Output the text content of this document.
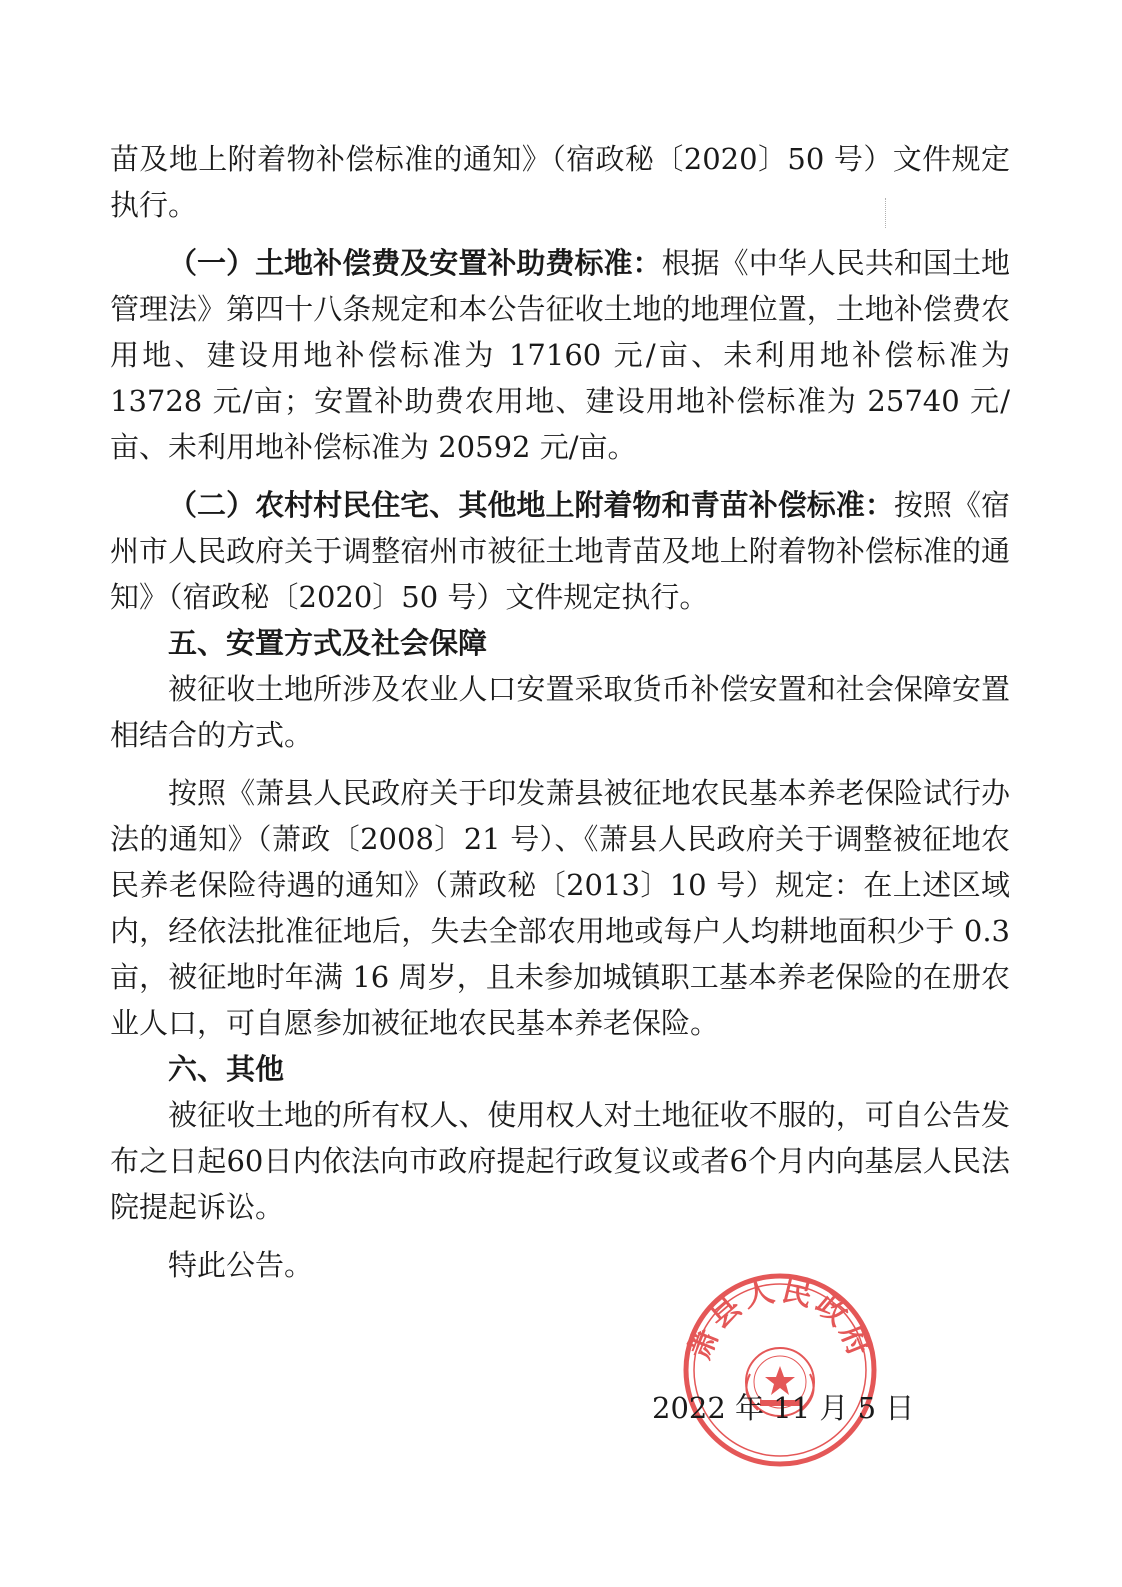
苗及地上附着物补偿标准的通知》（宿政秘〔2020〕50 号）文件规定执行。

（一）土地补偿费及安置补助费标准：根据《中华人民共和国土地管理法》第四十八条规定和本公告征收土地的地理位置，土地补偿费农用地、建设用地补偿标准为 17160 元/亩、未利用地补偿标准为 13728 元/亩；安置补助费农用地、建设用地补偿标准为 25740 元/亩、未利用地补偿标准为 20592 元/亩。

（二）农村村民住宅、其他地上附着物和青苗补偿标准：按照《宿州市人民政府关于调整宿州市被征土地青苗及地上附着物补偿标准的通知》（宿政秘〔2020〕50 号）文件规定执行。

五、安置方式及社会保障

被征收土地所涉及农业人口安置采取货币补偿安置和社会保障安置相结合的方式。

按照《萧县人民政府关于印发萧县被征地农民基本养老保险试行办法的通知》（萧政〔2008〕21 号）、《萧县人民政府关于调整被征地农民养老保险待遇的通知》（萧政秘〔2013〕10 号）规定：在上述区域内，经依法批准征地后，失去全部农用地或每户人均耕地面积少于 0.3 亩，被征地时年满 16 周岁，且未参加城镇职工基本养老保险的在册农业人口，可自愿参加被征地农民基本养老保险。

六、其他

被征收土地的所有权人、使用权人对土地征收不服的，可自公告发布之日起60日内依法向市政府提起行政复议或者6个月内向基层人民法院提起诉讼。

特此公告。

萧县人民政府
2022 年 11 月 5 日
